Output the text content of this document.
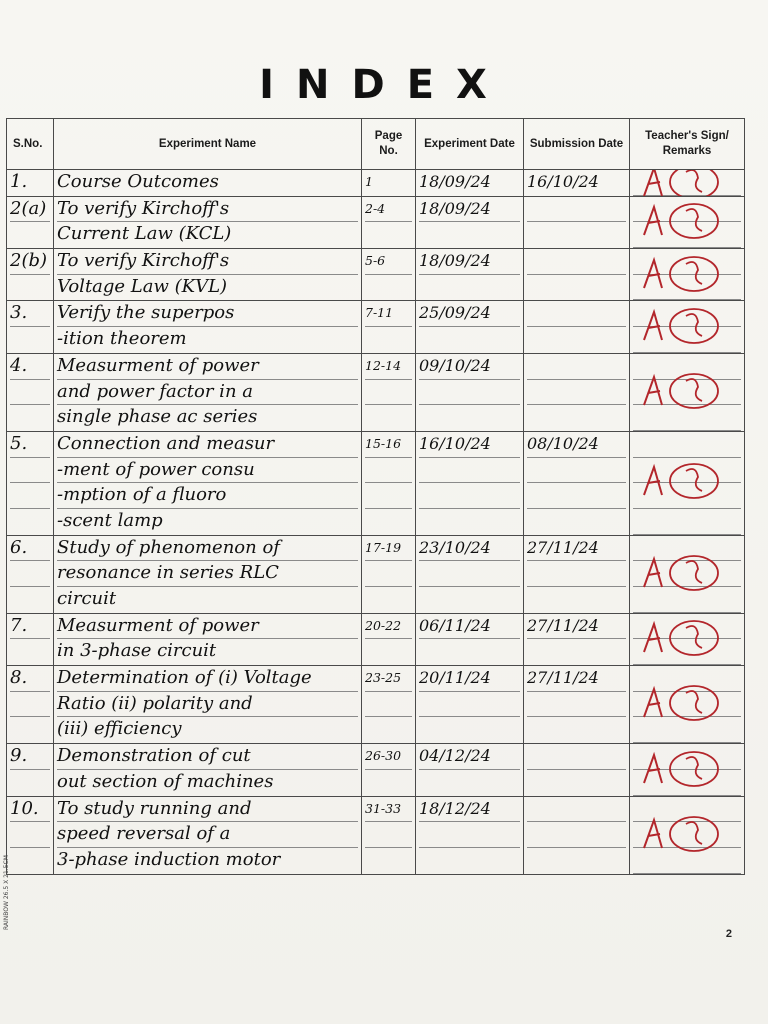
INDEX
S.No.	Experiment Name	Page No.	Experiment Date	Submission Date	Teacher's Sign/ Remarks

1.	Course Outcomes	1	18/09/24	16/10/24

2(a)	To verify Kirchoff's
Current Law (KCL)	2-4	18/09/24

2(b)	To verify Kirchoff's
Voltage Law (KVL)	5-6	18/09/24

3.	Verify the superpos
-ition theorem	7-11	25/09/24

4.	Measurment of power
and power factor in a
single phase ac series	12-14	09/10/24

5.	Connection and measur
-ment of power consu
-mption of a fluoro
-scent lamp	15-16	16/10/24	08/10/24

6.	Study of phenomenon of
resonance in series RLC
circuit	17-19	23/10/24	27/11/24

7.	Measurment of power
in 3-phase circuit	20-22	06/11/24	27/11/24

8.	Determination of (i) Voltage
Ratio (ii) polarity and
(iii) efficiency	23-25	20/11/24	27/11/24

9.	Demonstration of cut
out section of machines	26-30	04/12/24

10.	To study running and
speed reversal of a
3-phase induction motor	31-33	18/12/24

RAINBOW 26.5 X 21.5CM
2
